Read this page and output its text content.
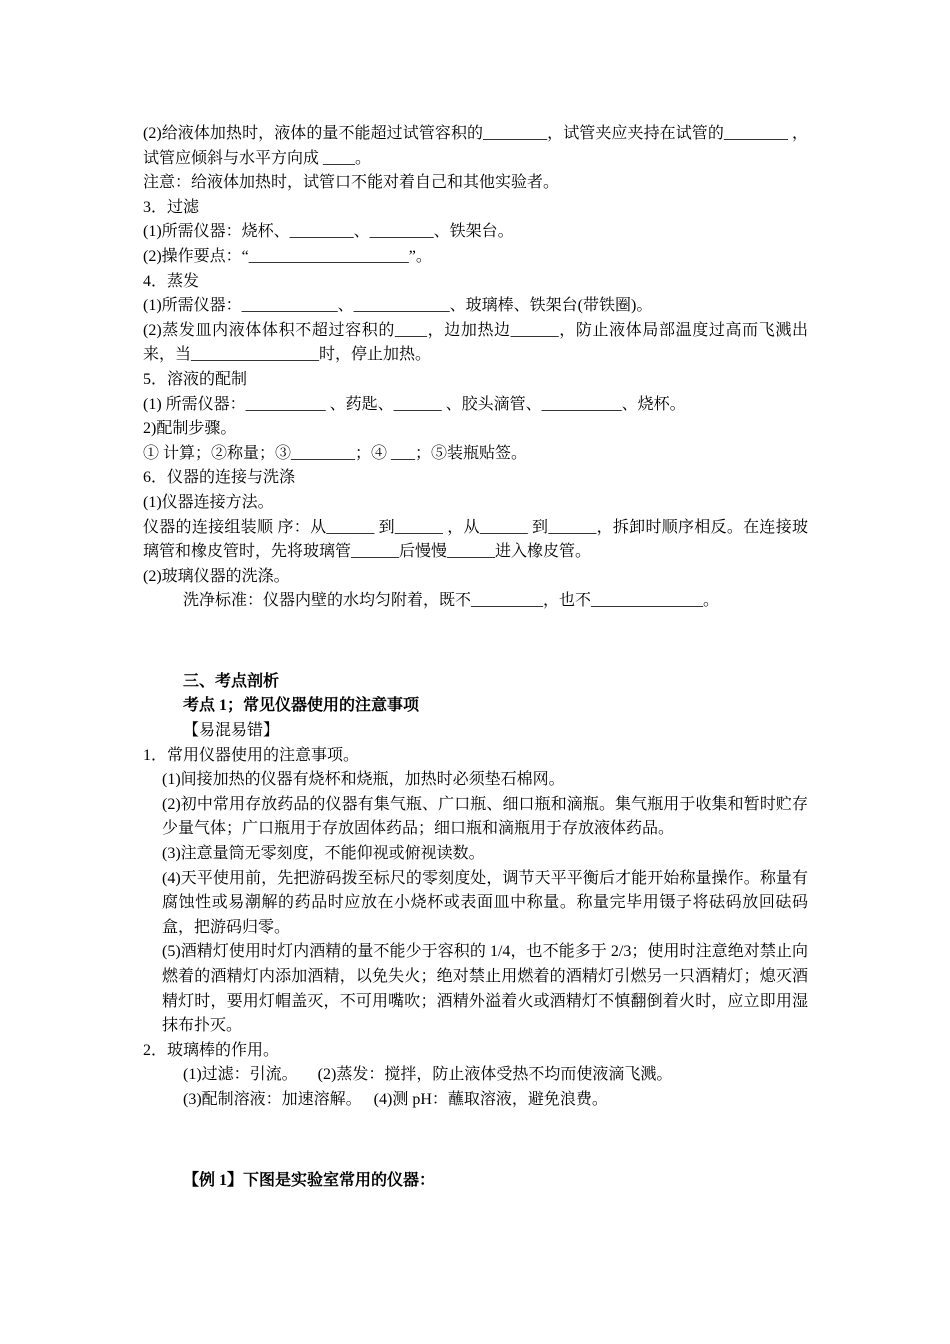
(2)给液体加热时，液体的量不能超过试管容积的________，试管夹应夹持在试管的________ ，试管应倾斜与水平方向成 ____。

注意：给液体加热时，试管口不能对着自己和其他实验者。

3．过滤

(1)所需仪器：烧杯、________、________、铁架台。

(2)操作要点：“____________________”。

4．蒸发

(1)所需仪器：____________、____________、玻璃棒、铁架台(带铁圈)。

(2)蒸发皿内液体体积不超过容积的____，边加热边______，防止液体局部温度过高而飞溅出来，当________________时，停止加热。

5．溶液的配制

(1) 所需仪器：__________ 、药匙、______ 、胶头滴管、__________、烧杯。

2)配制步骤。

① 计算；②称量；③________；④ ___；⑤装瓶贴签。

6．仪器的连接与洗涤

(1)仪器连接方法。

仪器的连接组装顺 序：从______ 到______ ，从______ 到______，拆卸时顺序相反。在连接玻璃管和橡皮管时，先将玻璃管______后慢慢______进入橡皮管。

(2)玻璃仪器的洗涤。

洗净标准：仪器内壁的水均匀附着，既不_________，也不______________。

三、考点剖析

考点 1；常见仪器使用的注意事项

【易混易错】

1．常用仪器使用的注意事项。

(1)间接加热的仪器有烧杯和烧瓶，加热时必须垫石棉网。

(2)初中常用存放药品的仪器有集气瓶、广口瓶、细口瓶和滴瓶。集气瓶用于收集和暂时贮存少量气体；广口瓶用于存放固体药品；细口瓶和滴瓶用于存放液体药品。

(3)注意量筒无零刻度，不能仰视或俯视读数。

(4)天平使用前，先把游码拨至标尺的零刻度处，调节天平平衡后才能开始称量操作。称量有腐蚀性或易潮解的药品时应放在小烧杯或表面皿中称量。称量完毕用镊子将砝码放回砝码盒，把游码归零。

(5)酒精灯使用时灯内酒精的量不能少于容积的 1/4，也不能多于 2/3；使用时注意绝对禁止向燃着的酒精灯内添加酒精，以免失火；绝对禁止用燃着的酒精灯引燃另一只酒精灯；熄灭酒精灯时，要用灯帽盖灭，不可用嘴吹；酒精外溢着火或酒精灯不慎翻倒着火时，应立即用湿抹布扑灭。

2．玻璃棒的作用。

(1)过滤：引流。     (2)蒸发：搅拌，防止液体受热不均而使液滴飞溅。

(3)配制溶液：加速溶解。   (4)测 pH：蘸取溶液，避免浪费。

【例 1】下图是实验室常用的仪器：
